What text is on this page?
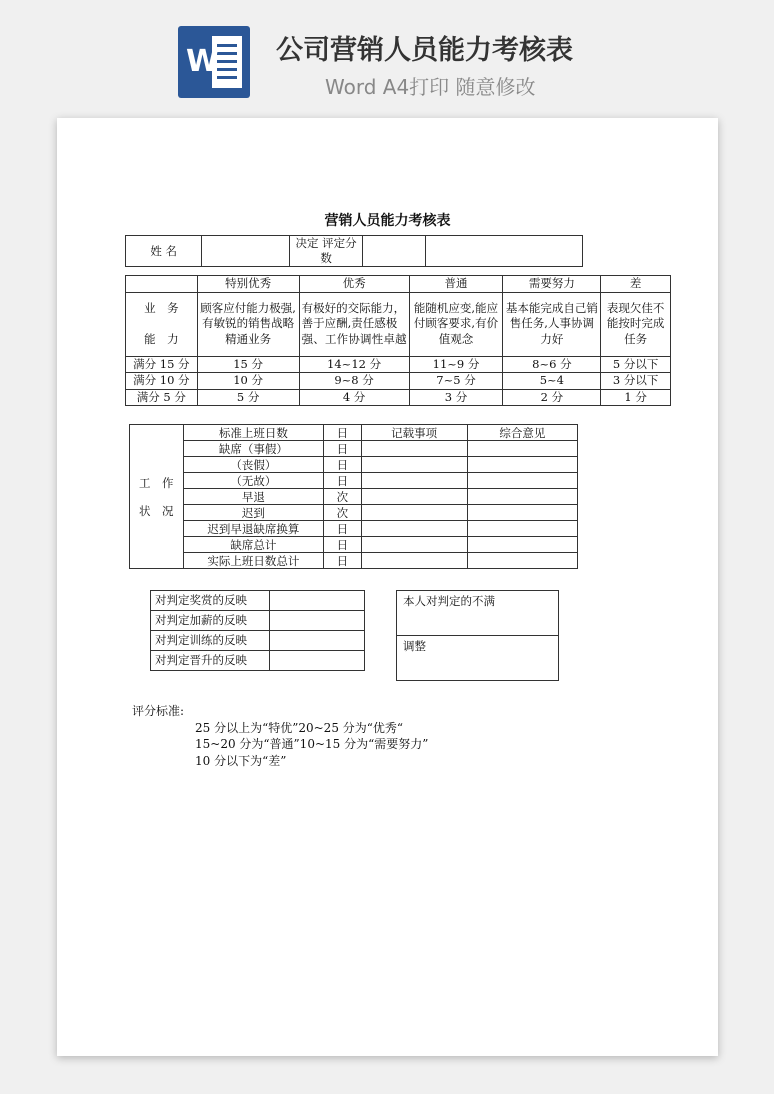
W 公司营销人员能力考核表
Word A4打印 随意修改
营销人员能力考核表
姓 名		决定 评定分数		
	特别优秀	优秀	普通	需要努力	差

业　务
能　力	顾客应付能力极强,有敏锐的销售战略精通业务	有极好的交际能力，善于应酬,责任感极强、工作协调性卓越	能随机应变,能应付顾客要求,有价值观念	基本能完成自己销售任务,人事协调力好	表现欠佳不能按时完成任务
满分 15 分	15 分	14~12 分	11~9 分	8~6 分	5 分以下
满分 10 分	10 分	9~8 分	7~5 分	5~4	3 分以下
满分 5 分	5 分	4 分	3 分	2 分	1 分
工　作
状　况	标准上班日数	日	记载事项	综合意见
	缺席（事假）	日		
	（丧假）	日		
	（无故）	日		
	早退	次		
	迟到	次		
	迟到早退缺席换算	日		
	缺席总计	日		
	实际上班日数总计	日		
对判定奖赏的反映	
对判定加薪的反映	
对判定训练的反映	
对判定晋升的反映	
本人对判定的不满
调整
评分标准:
25 分以上为“特优”20~25 分为“优秀“
15~20 分为“普通”10~15 分为“需要努力”
10 分以下为“差”
